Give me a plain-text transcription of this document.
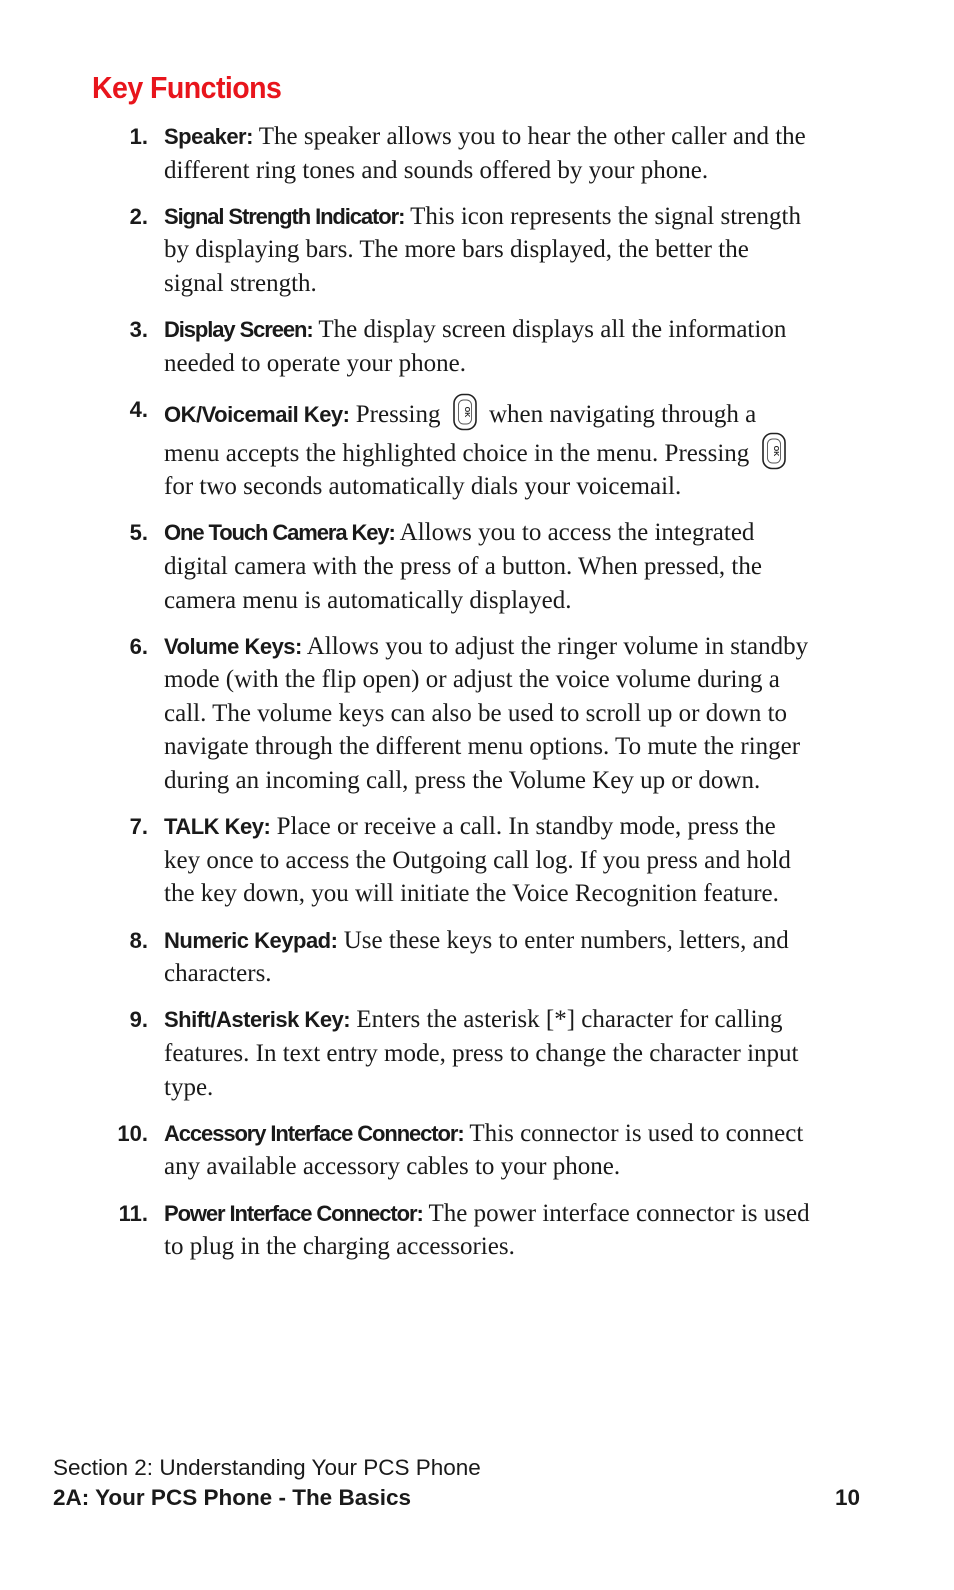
Key Functions
1. Speaker: The speaker allows you to hear the other caller and the different ring tones and sounds offered by your phone.
2. Signal Strength Indicator: This icon represents the signal strength by displaying bars. The more bars displayed, the better the signal strength.
3. Display Screen: The display screen displays all the information needed to operate your phone.
4. OK/Voicemail Key: Pressing	OK when navigating through a menu accepts the highlighted choice in the menu. Pressing	OK
for two seconds automatically dials your voicemail.
5. One Touch Camera Key: Allows you to access the integrated digital camera with the press of a button. When pressed, the camera menu is automatically displayed.
6. Volume Keys: Allows you to adjust the ringer volume in standby mode (with the flip open) or adjust the voice volume during a call. The volume keys can also be used to scroll up or down to navigate through the different menu options. To mute the ringer during an incoming call, press the Volume Key up or down.
7. TALK Key: Place or receive a call. In standby mode, press the key once to access the Outgoing call log. If you press and hold the key down, you will initiate the Voice Recognition feature.
8. Numeric Keypad: Use these keys to enter numbers, letters, and characters.
9. Shift/Asterisk Key: Enters the asterisk [*] character for calling features. In text entry mode, press to change the character input type.
10. Accessory Interface Connector: This connector is used to connect any available accessory cables to your phone.
11. Power Interface Connector: The power interface connector is used to plug in the charging accessories.
Section 2: Understanding Your PCS Phone
2A: Your PCS Phone - The Basics	10
